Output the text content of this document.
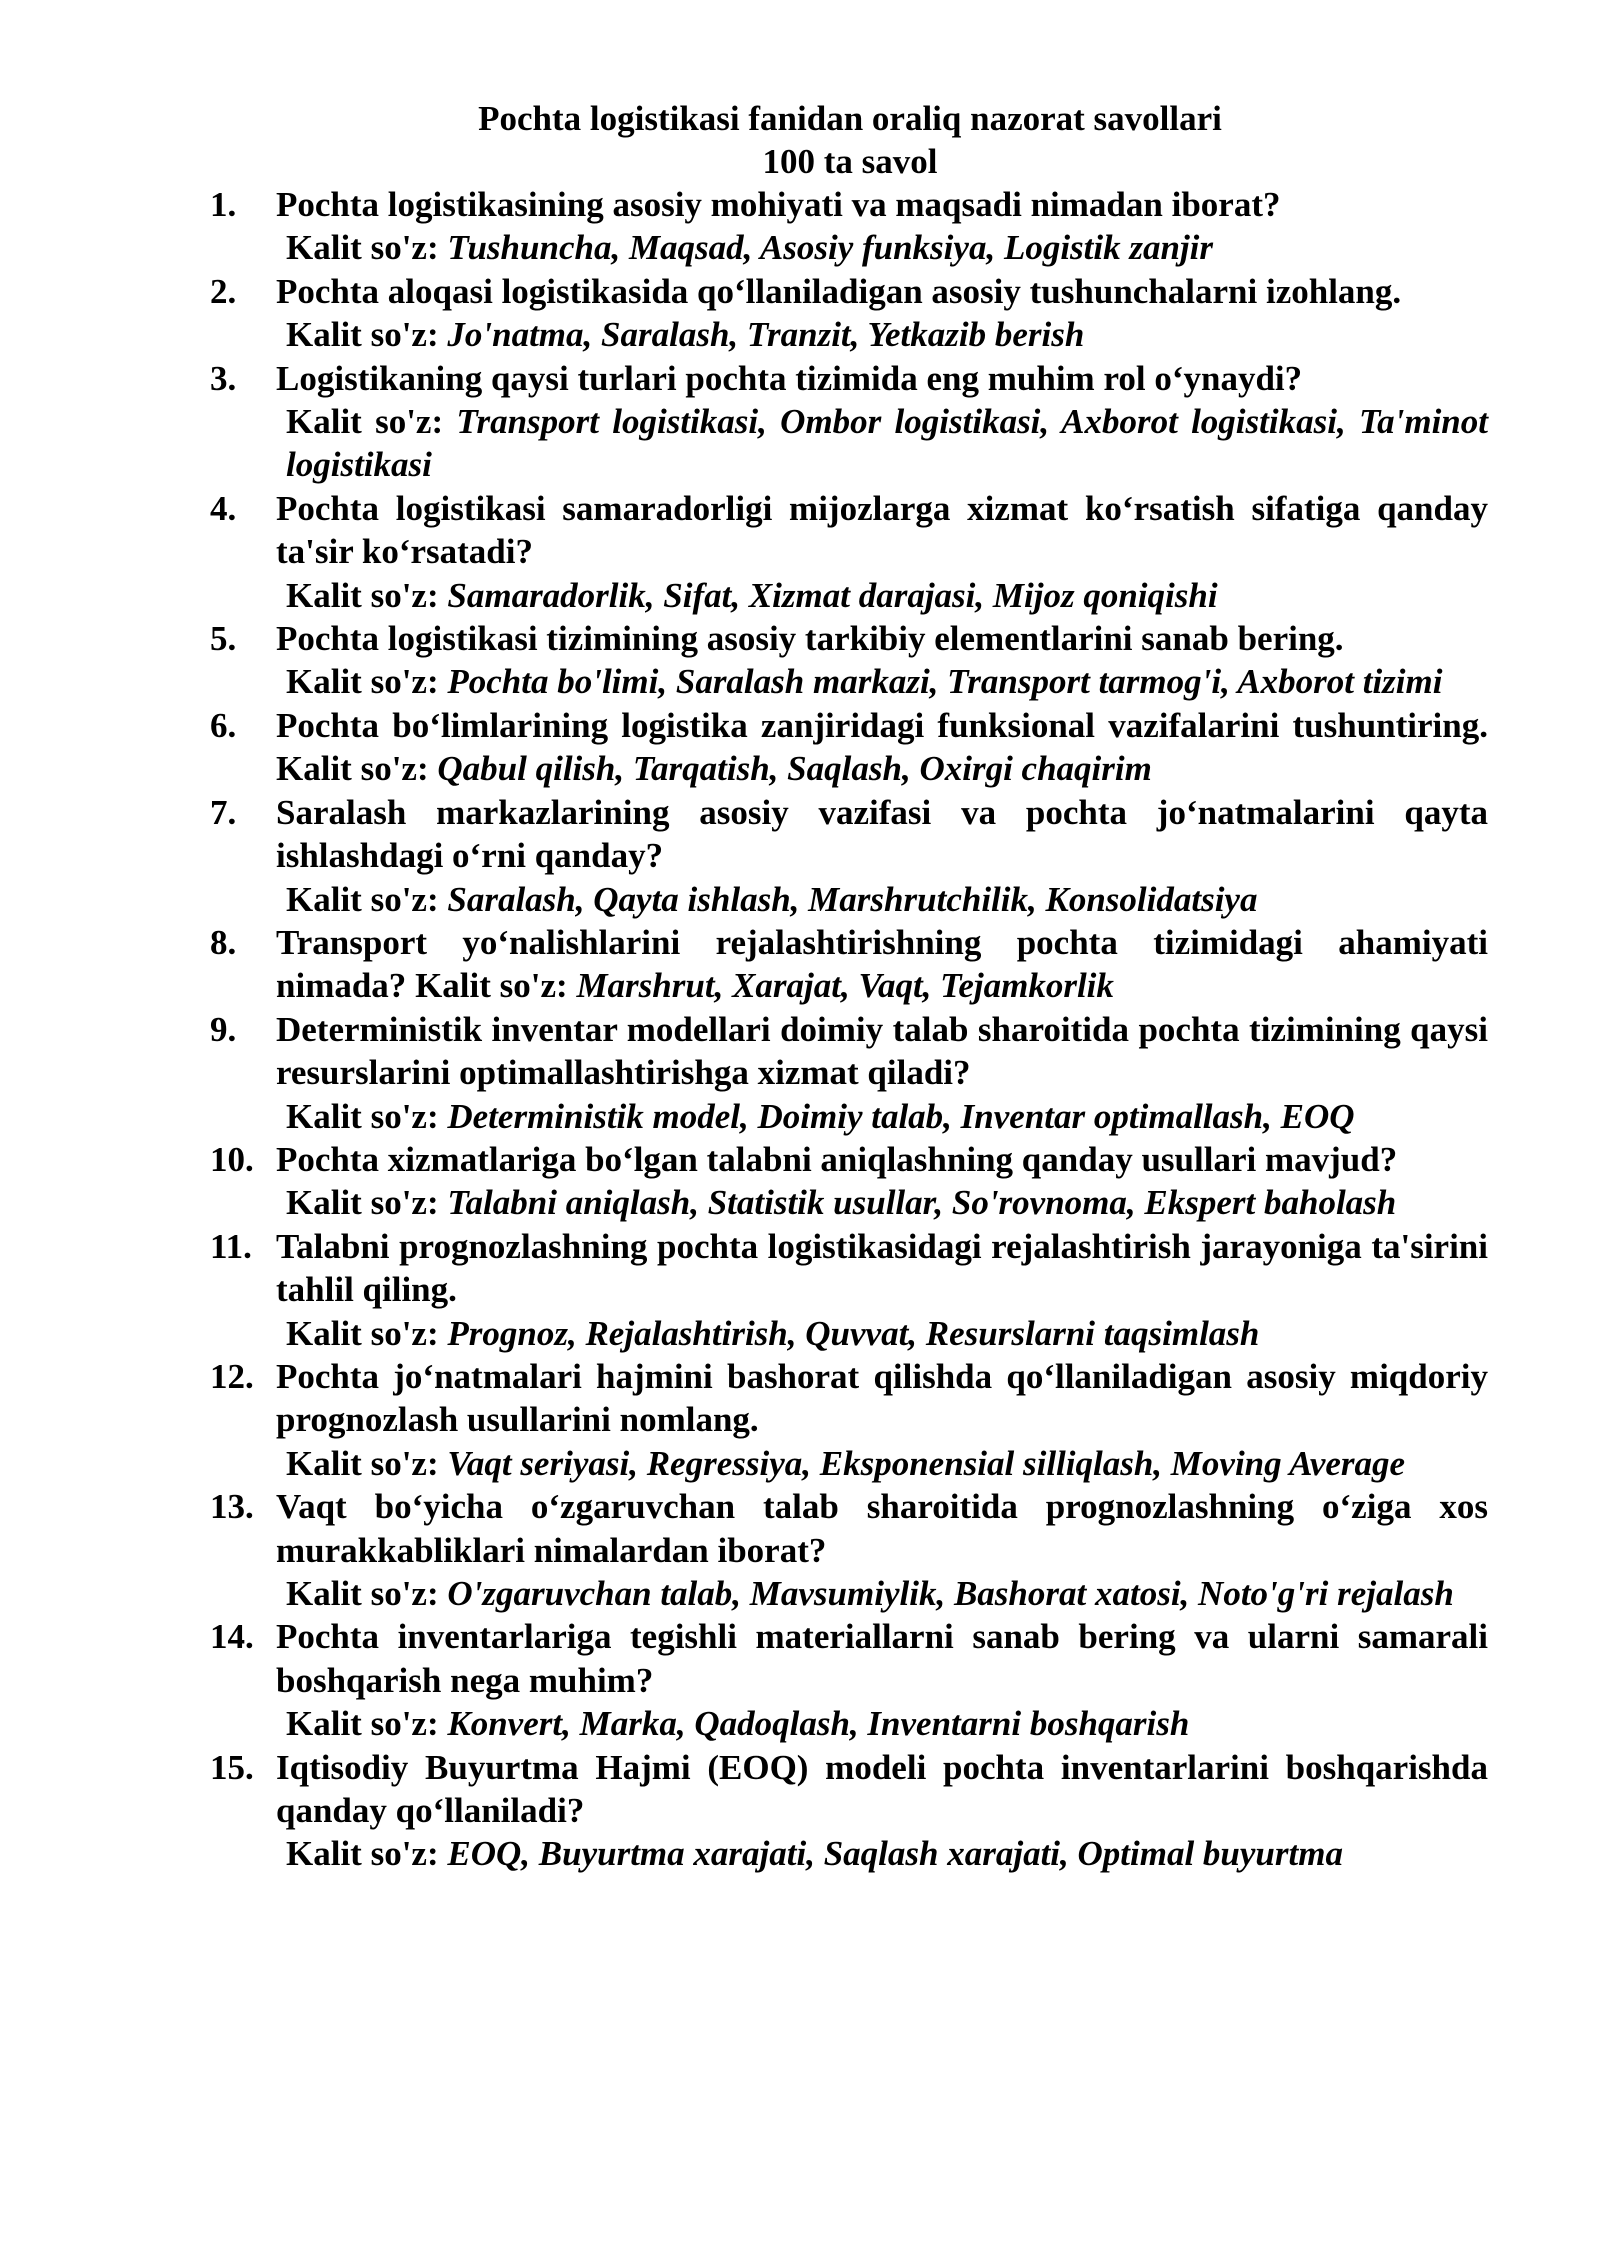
Pochta logistikasi fanidan oraliq nazorat savollari
100 ta savol
1. Pochta logistikasining asosiy mohiyati va maqsadi nimadan iborat?
Kalit so'z: Tushuncha, Maqsad, Asosiy funksiya, Logistik zanjir
2. Pochta aloqasi logistikasida qo‘llaniladigan asosiy tushunchalarni izohlang.
Kalit so'z: Jo'natma, Saralash, Tranzit, Yetkazib berish
3. Logistikaning qaysi turlari pochta tizimida eng muhim rol o‘ynaydi?
Kalit so'z: Transport logistikasi, Ombor logistikasi, Axborot logistikasi, Ta'minot logistikasi
4. Pochta logistikasi samaradorligi mijozlarga xizmat ko‘rsatish sifatiga qanday ta'sir ko‘rsatadi?
Kalit so'z: Samaradorlik, Sifat, Xizmat darajasi, Mijoz qoniqishi
5. Pochta logistikasi tizimining asosiy tarkibiy elementlarini sanab bering.
Kalit so'z: Pochta bo'limi, Saralash markazi, Transport tarmog'i, Axborot tizimi
6. Pochta bo‘limlarining logistika zanjiridagi funksional vazifalarini tushuntiring. Kalit so'z: Qabul qilish, Tarqatish, Saqlash, Oxirgi chaqirim
7. Saralash markazlarining asosiy vazifasi va pochta jo‘natmalarini qayta ishlashdagi o‘rni qanday?
Kalit so'z: Saralash, Qayta ishlash, Marshrutchilik, Konsolidatsiya
8. Transport yo‘nalishlarini rejalashtirishning pochta tizimidagi ahamiyati nimada? Kalit so'z: Marshrut, Xarajat, Vaqt, Tejamkorlik
9. Deterministik inventar modellari doimiy talab sharoitida pochta tizimining qaysi resurslarini optimallashtirishga xizmat qiladi?
Kalit so'z: Deterministik model, Doimiy talab, Inventar optimallash, EOQ
10. Pochta xizmatlariga bo‘lgan talabni aniqlashning qanday usullari mavjud?
Kalit so'z: Talabni aniqlash, Statistik usullar, So'rovnoma, Ekspert baholash
11. Talabni prognozlashning pochta logistikasidagi rejalashtirish jarayoniga ta'sirini tahlil qiling.
Kalit so'z: Prognoz, Rejalashtirish, Quvvat, Resurslarni taqsimlash
12. Pochta jo‘natmalari hajmini bashorat qilishda qo‘llaniladigan asosiy miqdoriy prognozlash usullarini nomlang.
Kalit so'z: Vaqt seriyasi, Regressiya, Eksponensial silliqlash, Moving Average
13. Vaqt bo‘yicha o‘zgaruvchan talab sharoitida prognozlashning o‘ziga xos murakkabliklari nimalardan iborat?
Kalit so'z: O'zgaruvchan talab, Mavsumiylik, Bashorat xatosi, Noto'g'ri rejalash
14. Pochta inventarlariga tegishli materiallarni sanab bering va ularni samarali boshqarish nega muhim?
Kalit so'z: Konvert, Marka, Qadoqlash, Inventarni boshqarish
15. Iqtisodiy Buyurtma Hajmi (EOQ) modeli pochta inventarlarini boshqarishda qanday qo‘llaniladi?
Kalit so'z: EOQ, Buyurtma xarajati, Saqlash xarajati, Optimal buyurtma
